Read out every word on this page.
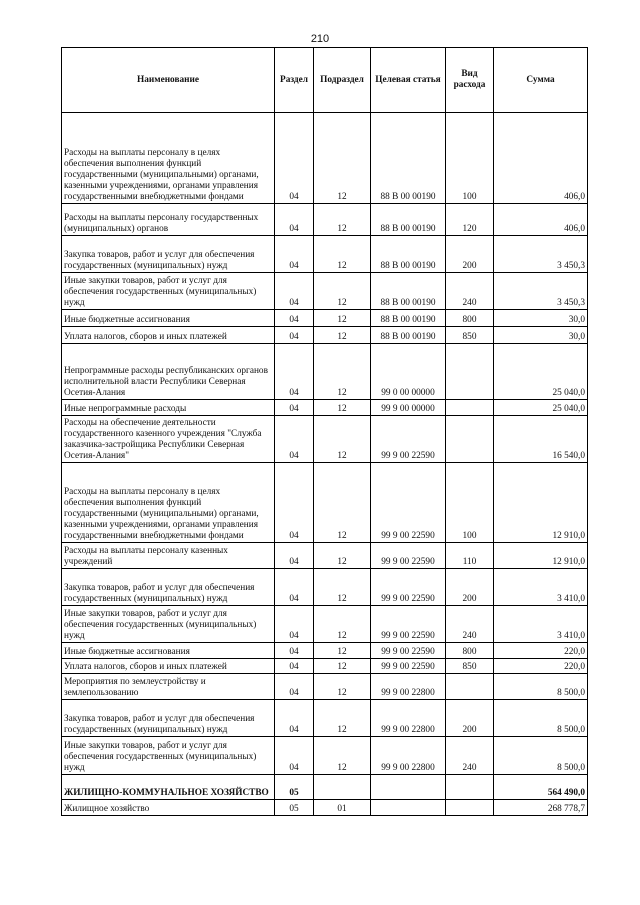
210
Наименование	Раздел	Подраздел	Целевая статья	Вид расхода	Сумма
Расходы на выплаты персоналу в целях обеспечения выполнения функций государственными (муниципальными) органами, казенными учреждениями, органами управления государственными внебюджетными фондами	04	12	88 В 00 00190	100	406,0
Расходы на выплаты персоналу государственных (муниципальных) органов	04	12	88 В 00 00190	120	406,0
Закупка товаров, работ и услуг для обеспечения государственных (муниципальных) нужд	04	12	88 В 00 00190	200	3 450,3
Иные закупки товаров, работ и услуг для обеспечения государственных (муниципальных) нужд	04	12	88 В 00 00190	240	3 450,3
Иные бюджетные ассигнования	04	12	88 В 00 00190	800	30,0
Уплата налогов, сборов и иных платежей	04	12	88 В 00 00190	850	30,0
Непрограммные расходы республиканских органов исполнительной власти Республики Северная Осетия-Алания	04	12	99 0 00 00000		25 040,0
Иные непрограммные расходы	04	12	99 9 00 00000		25 040,0
Расходы на обеспечение деятельности государственного казенного учреждения "Служба заказчика-застройщика Республики Северная Осетия-Алания"	04	12	99 9 00 22590		16 540,0
Расходы на выплаты персоналу в целях обеспечения выполнения функций государственными (муниципальными) органами, казенными учреждениями, органами управления государственными внебюджетными фондами	04	12	99 9 00 22590	100	12 910,0
Расходы на выплаты персоналу казенных учреждений	04	12	99 9 00 22590	110	12 910,0
Закупка товаров, работ и услуг для обеспечения государственных (муниципальных) нужд	04	12	99 9 00 22590	200	3 410,0
Иные закупки товаров, работ и услуг для обеспечения государственных (муниципальных) нужд	04	12	99 9 00 22590	240	3 410,0
Иные бюджетные ассигнования	04	12	99 9 00 22590	800	220,0
Уплата налогов, сборов и иных платежей	04	12	99 9 00 22590	850	220,0
Мероприятия по землеустройству и землепользованию	04	12	99 9 00 22800		8 500,0
Закупка товаров, работ и услуг для обеспечения государственных (муниципальных) нужд	04	12	99 9 00 22800	200	8 500,0
Иные закупки товаров, работ и услуг для обеспечения государственных (муниципальных) нужд	04	12	99 9 00 22800	240	8 500,0
ЖИЛИЩНО-КОММУНАЛЬНОЕ ХОЗЯЙСТВО	05				564 490,0
Жилищное хозяйство	05	01			268 778,7
